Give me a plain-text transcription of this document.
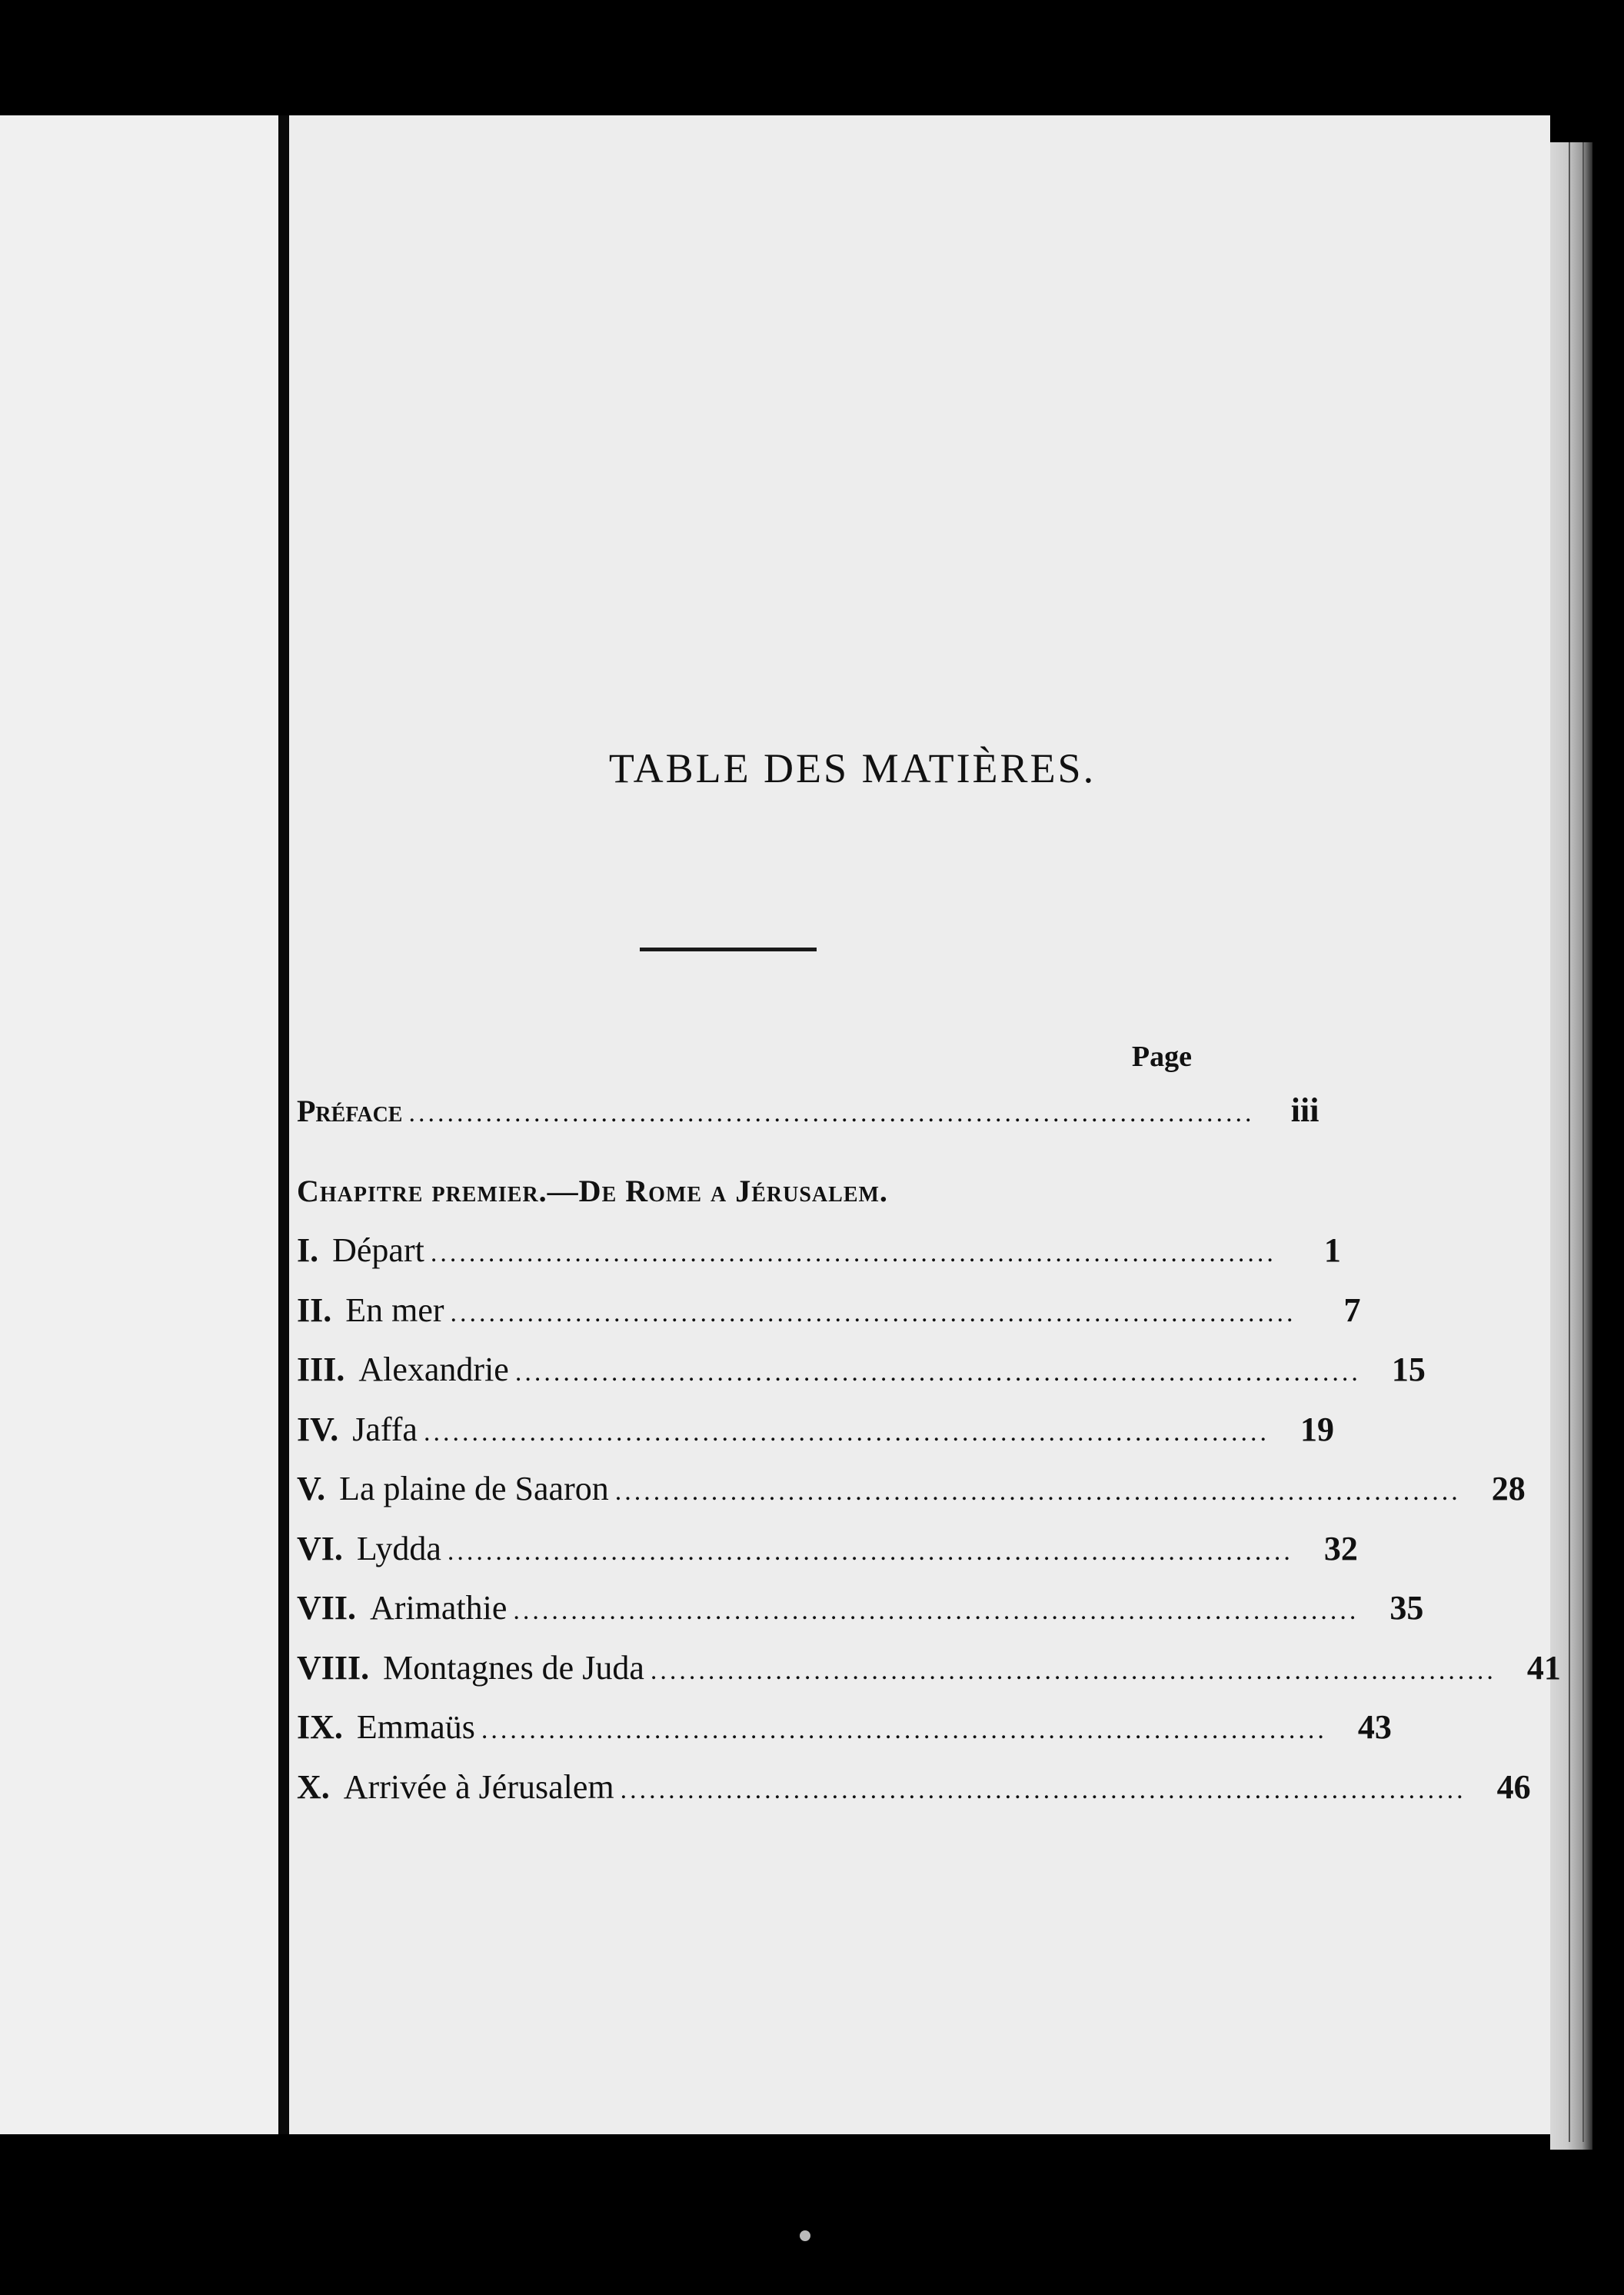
TABLE DES MATIÈRES.
Page
Préface ........................................................................................	iii
Chapitre premier.—De Rome a Jérusalem.
I. Départ ........................................................................................	1
II. En mer ........................................................................................	7
III. Alexandrie ........................................................................................ 15
IV. Jaffa ........................................................................................ 19
V. La plaine de Saaron ........................................................................................ 28
VI. Lydda ........................................................................................ 32
VII. Arimathie ........................................................................................ 35
VIII. Montagnes de Juda ........................................................................................ 41
IX. Emmaüs ........................................................................................ 43
X. Arrivée à Jérusalem ........................................................................................ 46
